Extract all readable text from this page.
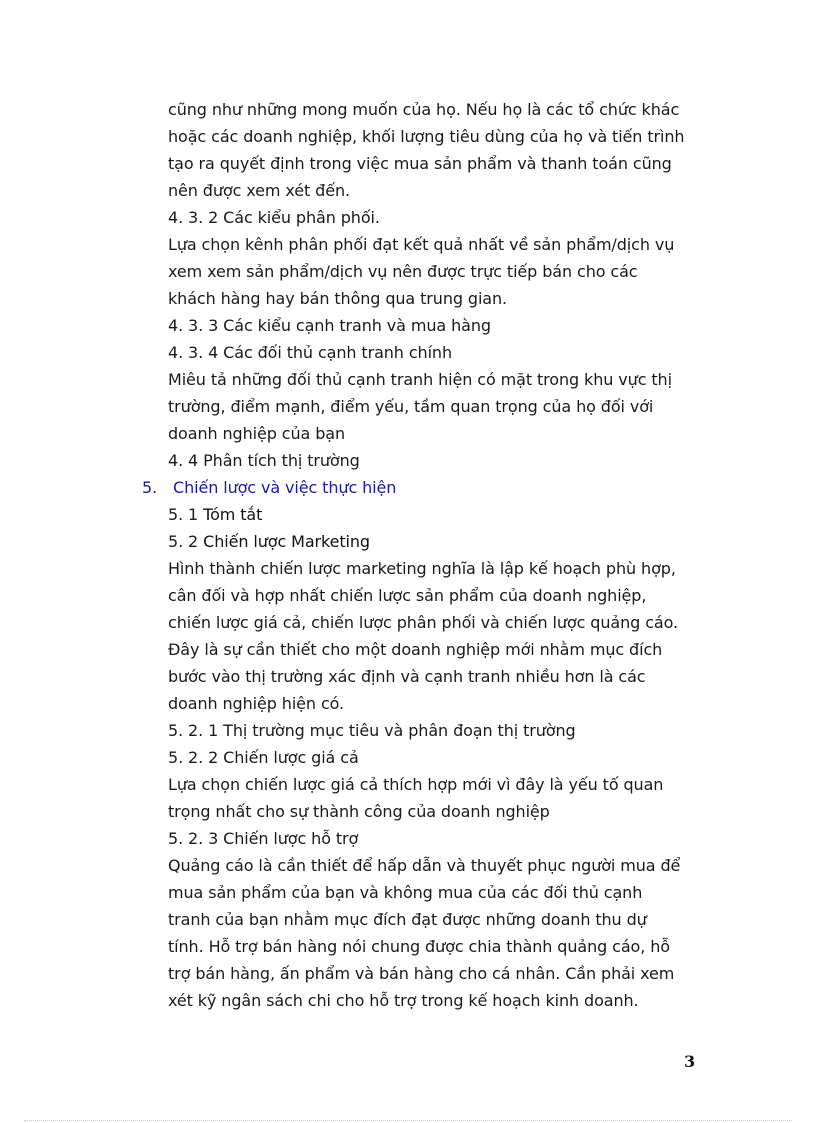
cũng như những mong muốn của họ. Nếu họ là các tổ chức khác
hoặc các doanh nghiệp, khối lượng tiêu dùng của họ và tiến trình
tạo ra quyết định trong việc mua sản phẩm và thanh toán cũng
nên được xem xét đến.
4. 3. 2 Các kiểu phân phối.
Lựa chọn kênh phân phối đạt kết quả nhất về sản phẩm/dịch vụ
xem xem sản phẩm/dịch vụ nên được trực tiếp bán cho các
khách hàng hay bán thông qua trung gian.
4. 3. 3 Các kiểu cạnh tranh và mua hàng
4. 3. 4 Các đối thủ cạnh tranh chính
Miêu tả những đối thủ cạnh tranh hiện có mặt trong khu vực thị
trường, điểm mạnh, điểm yếu, tầm quan trọng của họ đối với
doanh nghiệp của bạn
4. 4 Phân tích thị trường
5. Chiến lược và việc thực hiện
5. 1 Tóm tắt
5. 2 Chiến lược Marketing
Hình thành chiến lược marketing nghĩa là lập kế hoạch phù hợp,
cân đối và hợp nhất chiến lược sản phẩm của doanh nghiệp,
chiến lược giá cả, chiến lược phân phối và chiến lược quảng cáo.
Đây là sự cần thiết cho một doanh nghiệp mới nhằm mục đích
bước vào thị trường xác định và cạnh tranh nhiều hơn là các
doanh nghiệp hiện có.
5. 2. 1 Thị trường mục tiêu và phân đoạn thị trường
5. 2. 2 Chiến lược giá cả
Lựa chọn chiến lược giá cả thích hợp mới vì đây là yếu tố quan
trọng nhất cho sự thành công của doanh nghiệp
5. 2. 3 Chiến lược hỗ trợ
Quảng cáo là cần thiết để hấp dẫn và thuyết phục người mua để
mua sản phẩm của bạn và không mua của các đối thủ cạnh
tranh của bạn nhằm mục đích đạt được những doanh thu dự
tính. Hỗ trợ bán hàng nói chung được chia thành quảng cáo, hỗ
trợ bán hàng, ấn phẩm và bán hàng cho cá nhân. Cần phải xem
xét kỹ ngân sách chi cho hỗ trợ trong kế hoạch kinh doanh.
3
